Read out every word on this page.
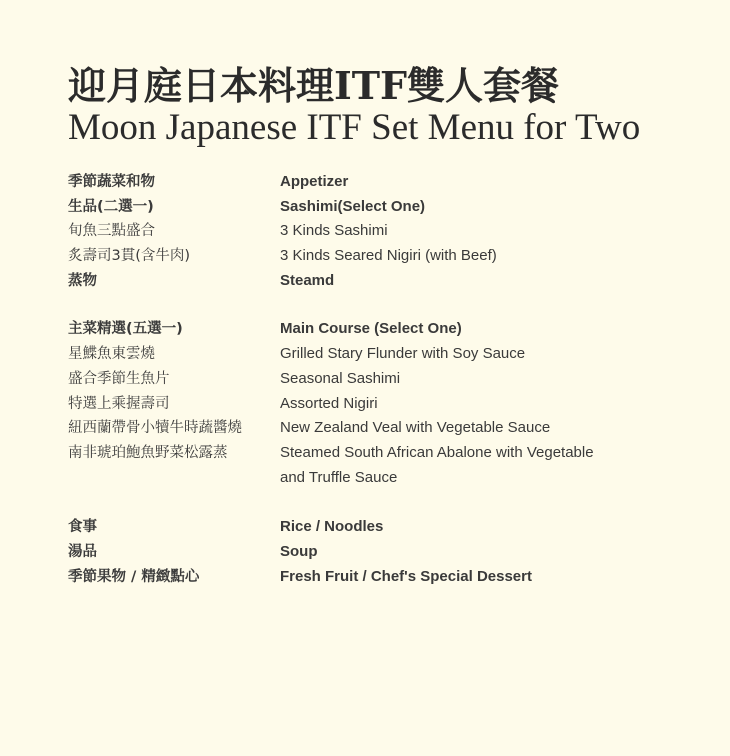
迎月庭日本料理ITF雙人套餐
Moon Japanese ITF Set Menu for Two
季節蔬菜和物	Appetizer
生品(二選一)	Sashimi(Select One)
旬魚三點盛合	3 Kinds Sashimi
炙壽司3貫(含牛肉)	3 Kinds Seared Nigiri (with Beef)
蒸物	Steamd
主菜精選(五選一)	Main Course (Select One)
星鰈魚東雲燒	Grilled Stary Flunder with Soy Sauce
盛合季節生魚片	Seasonal Sashimi
特選上乘握壽司	Assorted Nigiri
紐西蘭帶骨小犢牛時蔬醬燒	New Zealand Veal with Vegetable Sauce
南非琥珀鮑魚野菜松露蒸	Steamed South African Abalone with Vegetable
and Truffle Sauce
食事	Rice / Noodles
湯品	Soup
季節果物 / 精緻點心	Fresh Fruit / Chef's Special Dessert
